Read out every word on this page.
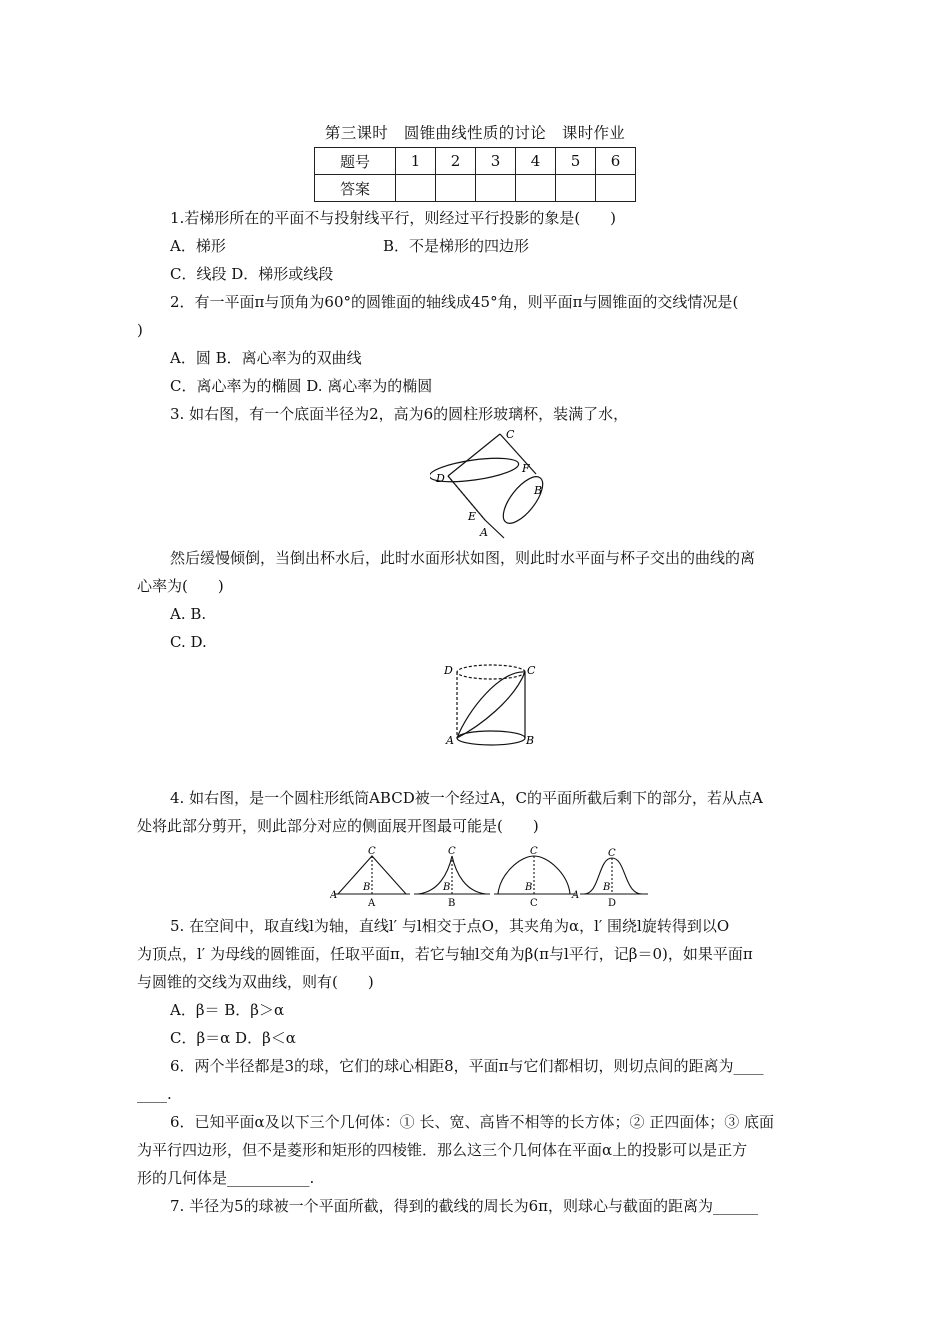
第三课时　圆锥曲线性质的讨论　课时作业
题号	1	2	3	4	5	6
答案						
1.若梯形所在的平面不与投射线平行，则经过平行投影的象是(　　)
A．梯形	B．不是梯形的四边形
C．线段 D．梯形或线段
2．有一平面π与顶角为60°的圆锥面的轴线成45°角，则平面π与圆锥面的交线情况是(
)
A．圆 B．离心率为的双曲线
C．离心率为的椭圆 D. 离心率为的椭圆
3. 如右图，有一个底面半径为2，高为6的圆柱形玻璃杯，装满了水，
C
D
F
B
E
A
然后缓慢倾倒，当倒出杯水后，此时水面形状如图，则此时水平面与杯子交出的曲线的离
心率为(　　)
A. B.
C. D.
D	C
A	B
4. 如右图，是一个圆柱形纸筒ABCD被一个经过A，C的平面所截后剩下的部分，若从点A
处将此部分剪开，则此部分对应的侧面展开图最可能是(　　)
C
A
B
A
C
B
B
C
B
C
C
A
B
D
5. 在空间中，取直线l为轴，直线l′ 与l相交于点O，其夹角为α，l′ 围绕l旋转得到以O
为顶点，l′ 为母线的圆锥面，任取平面π，若它与轴l交角为β(π与l平行，记β＝0)，如果平面π
与圆锥的交线为双曲线，则有(　　)
A．β＝ B．β＞α
C．β＝α D．β＜α
6．两个半径都是3的球，它们的球心相距8，平面π与它们都相切，则切点间的距离为____
____.
6．已知平面α及以下三个几何体：① 长、宽、高皆不相等的长方体；② 正四面体；③ 底面
为平行四边形，但不是菱形和矩形的四棱锥．那么这三个几何体在平面α上的投影可以是正方
形的几何体是___________.
7. 半径为5的球被一个平面所截，得到的截线的周长为6π，则球心与截面的距离为______
